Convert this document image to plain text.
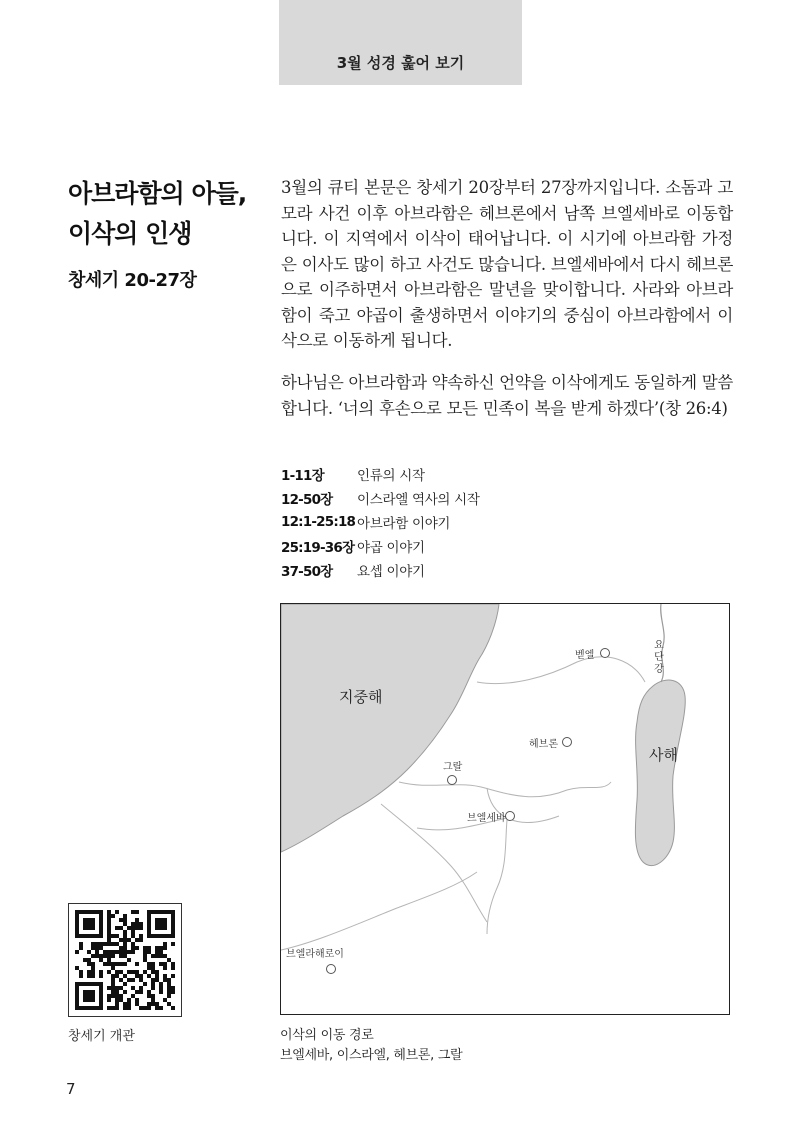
3월 성경 훑어 보기
아브라함의 아들,
이삭의 인생
창세기 20-27장

3월의 큐티 본문은 창세기 20장부터 27장까지입니다. 소돔과 고모라 사건 이후 아브라함은 헤브론에서 남쪽 브엘세바로 이동합니다. 이 지역에서 이삭이 태어납니다. 이 시기에 아브라함 가정은 이사도 많이 하고 사건도 많습니다. 브엘세바에서 다시 헤브론으로 이주하면서 아브라함은 말년을 맞이합니다. 사라와 아브라함이 죽고 야곱이 출생하면서 이야기의 중심이 아브라함에서 이삭으로 이동하게 됩니다.

하나님은 아브라함과 약속하신 언약을 이삭에게도 동일하게 말씀합니다. ‘너의 후손으로 모든 민족이 복을 받게 하겠다’(창 26:4)

1-11장	인류의 시작
12-50장	이스라엘 역사의 시작
12:1-25:18 아브라함 이야기
25:19-36장 야곱 이야기
37-50장	요셉 이야기
지중해
사해
요
단
강
벧엘
헤브론
그랄
브엘세바
브엘라해로이
이삭의 이동 경로
브엘세바, 이스라엘, 헤브론, 그랄
창세기 개관
7
